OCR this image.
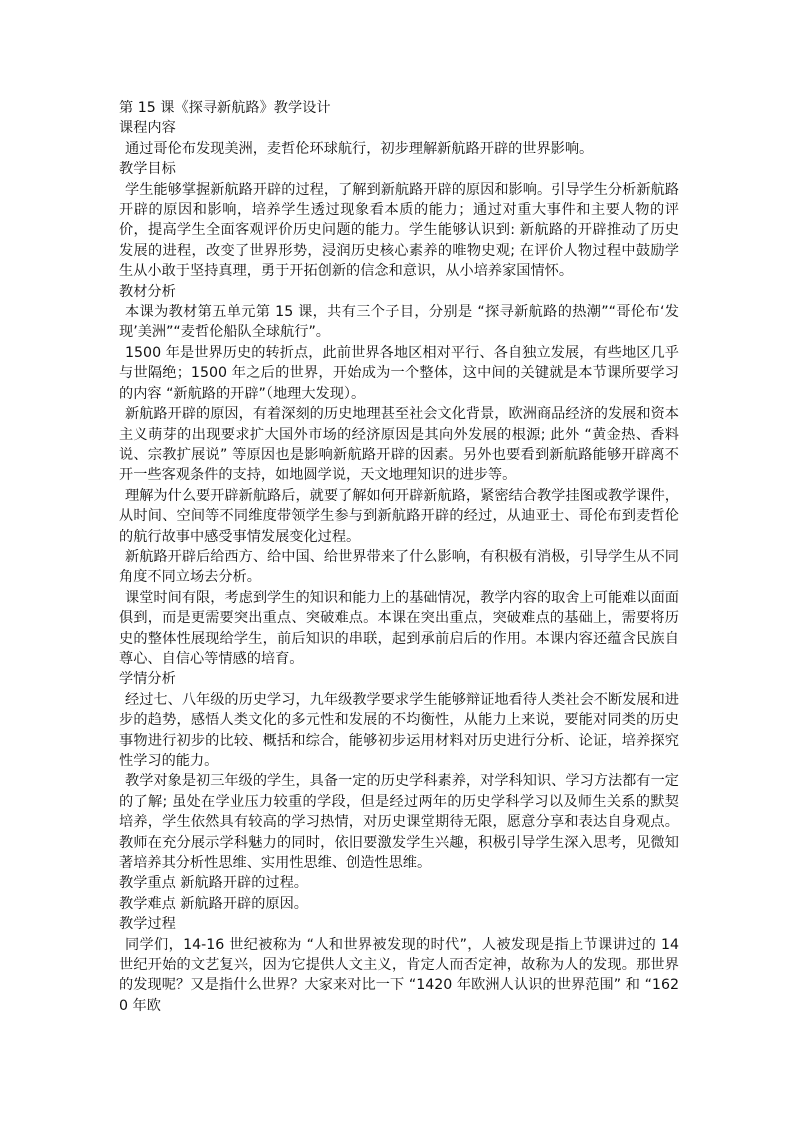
第 15 课《探寻新航路》教学设计

课程内容

通过哥伦布发现美洲，麦哲伦环球航行，初步理解新航路开辟的世界影响。

教学目标

学生能够掌握新航路开辟的过程，了解到新航路开辟的原因和影响。引导学生分析新航路开辟的原因和影响，培养学生透过现象看本质的能力；通过对重大事件和主要人物的评价，提高学生全面客观评价历史问题的能力。学生能够认识到: 新航路的开辟推动了历史发展的进程，改变了世界形势，浸润历史核心素养的唯物史观; 在评价人物过程中鼓励学生从小敢于坚持真理，勇于开拓创新的信念和意识，从小培养家国情怀。

教材分析

本课为教材第五单元第 15 课，共有三个子目，分别是 “探寻新航路的热潮”“哥伦布‘发现’美洲”“麦哲伦船队全球航行”。

1500 年是世界历史的转折点，此前世界各地区相对平行、各自独立发展，有些地区几乎与世隔绝；1500 年之后的世界，开始成为一个整体，这中间的关键就是本节课所要学习的内容 “新航路的开辟”（地理大发现）。

新航路开辟的原因，有着深刻的历史地理甚至社会文化背景，欧洲商品经济的发展和资本主义萌芽的出现要求扩大国外市场的经济原因是其向外发展的根源; 此外 “黄金热、香料说、宗教扩展说” 等原因也是影响新航路开辟的因素。另外也要看到新航路能够开辟离不开一些客观条件的支持，如地圆学说，天文地理知识的进步等。

理解为什么要开辟新航路后，就要了解如何开辟新航路，紧密结合教学挂图或教学课件，从时间、空间等不同维度带领学生参与到新航路开辟的经过，从迪亚士、哥伦布到麦哲伦的航行故事中感受事情发展变化过程。

新航路开辟后给西方、给中国、给世界带来了什么影响，有积极有消极，引导学生从不同角度不同立场去分析。

课堂时间有限，考虑到学生的知识和能力上的基础情况，教学内容的取舍上可能难以面面俱到，而是更需要突出重点、突破难点。本课在突出重点，突破难点的基础上，需要将历史的整体性展现给学生，前后知识的串联，起到承前启后的作用。本课内容还蕴含民族自尊心、自信心等情感的培育。

学情分析

经过七、八年级的历史学习，九年级教学要求学生能够辩证地看待人类社会不断发展和进步的趋势，感悟人类文化的多元性和发展的不均衡性，从能力上来说，要能对同类的历史事物进行初步的比较、概括和综合，能够初步运用材料对历史进行分析、论证，培养探究性学习的能力。

教学对象是初三年级的学生，具备一定的历史学科素养，对学科知识、学习方法都有一定的了解; 虽处在学业压力较重的学段，但是经过两年的历史学科学习以及师生关系的默契培养，学生依然具有较高的学习热情，对历史课堂期待无限，愿意分享和表达自身观点。教师在充分展示学科魅力的同时，依旧要激发学生兴趣，积极引导学生深入思考，见微知著培养其分析性思维、实用性思维、创造性思维。

教学重点 新航路开辟的过程。

教学难点 新航路开辟的原因。

教学过程

同学们，14-16 世纪被称为 “人和世界被发现的时代”，人被发现是指上节课讲过的 14 世纪开始的文艺复兴，因为它提供人文主义，肯定人而否定神，故称为人的发现。那世界的发现呢？又是指什么世界？大家来对比一下 “1420 年欧洲人认识的世界范围” 和 “1620 年欧
